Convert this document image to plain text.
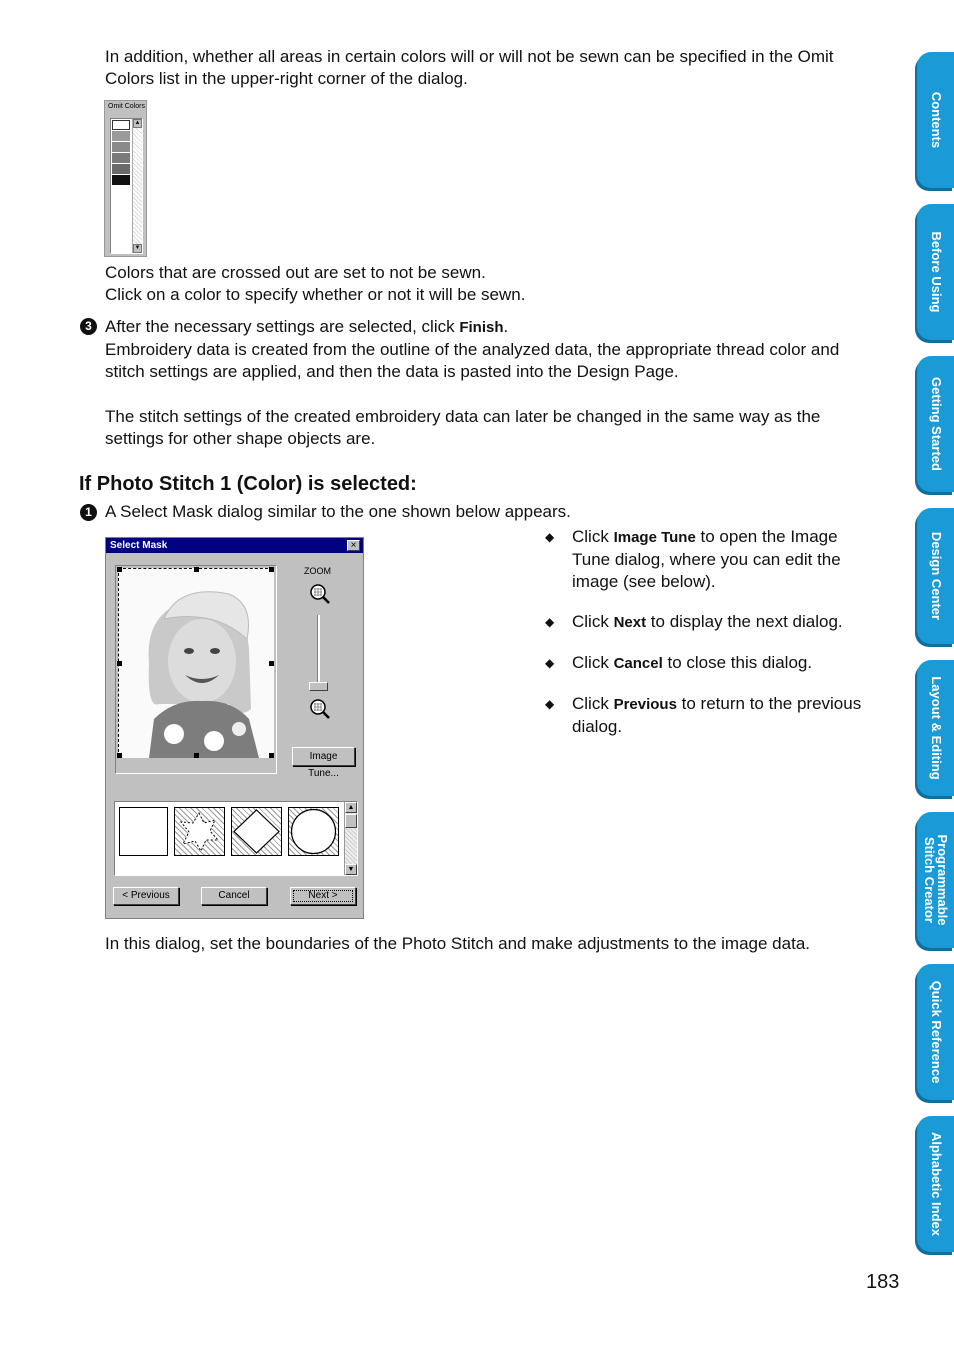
In addition, whether all areas in certain colors will or will not be sewn can be specified in the Omit
Colors list in the upper-right corner of the dialog.
Omit Colors
▲
▼
Colors that are crossed out are set to not be sewn.
Click on a color to specify whether or not it will be sewn.
3 After the necessary settings are selected, click Finish.
Embroidery data is created from the outline of the analyzed data, the appropriate thread color and
stitch settings are applied, and then the data is pasted into the Design Page.
The stitch settings of the created embroidery data can later be changed in the same way as the
settings for other shape objects are.
If Photo Stitch 1 (Color) is selected:
1 A Select Mask dialog similar to the one shown below appears.
Select Mask	×
ZOOM
Image Tune...
▲
▼
< Previous	Cancel	Next >
◆ Click Image Tune to open the Image
Tune dialog, where you can edit the
image (see below).
◆ Click Next to display the next dialog.
◆ Click Cancel to close this dialog.
◆ Click Previous to return to the previous
dialog.
In this dialog, set the boundaries of the Photo Stitch and make adjustments to the image data.
183
Contents
Before Using
Getting Started
Design Center
Layout & Editing
Programmable Stitch Creator
Quick Reference
Alphabetic Index
